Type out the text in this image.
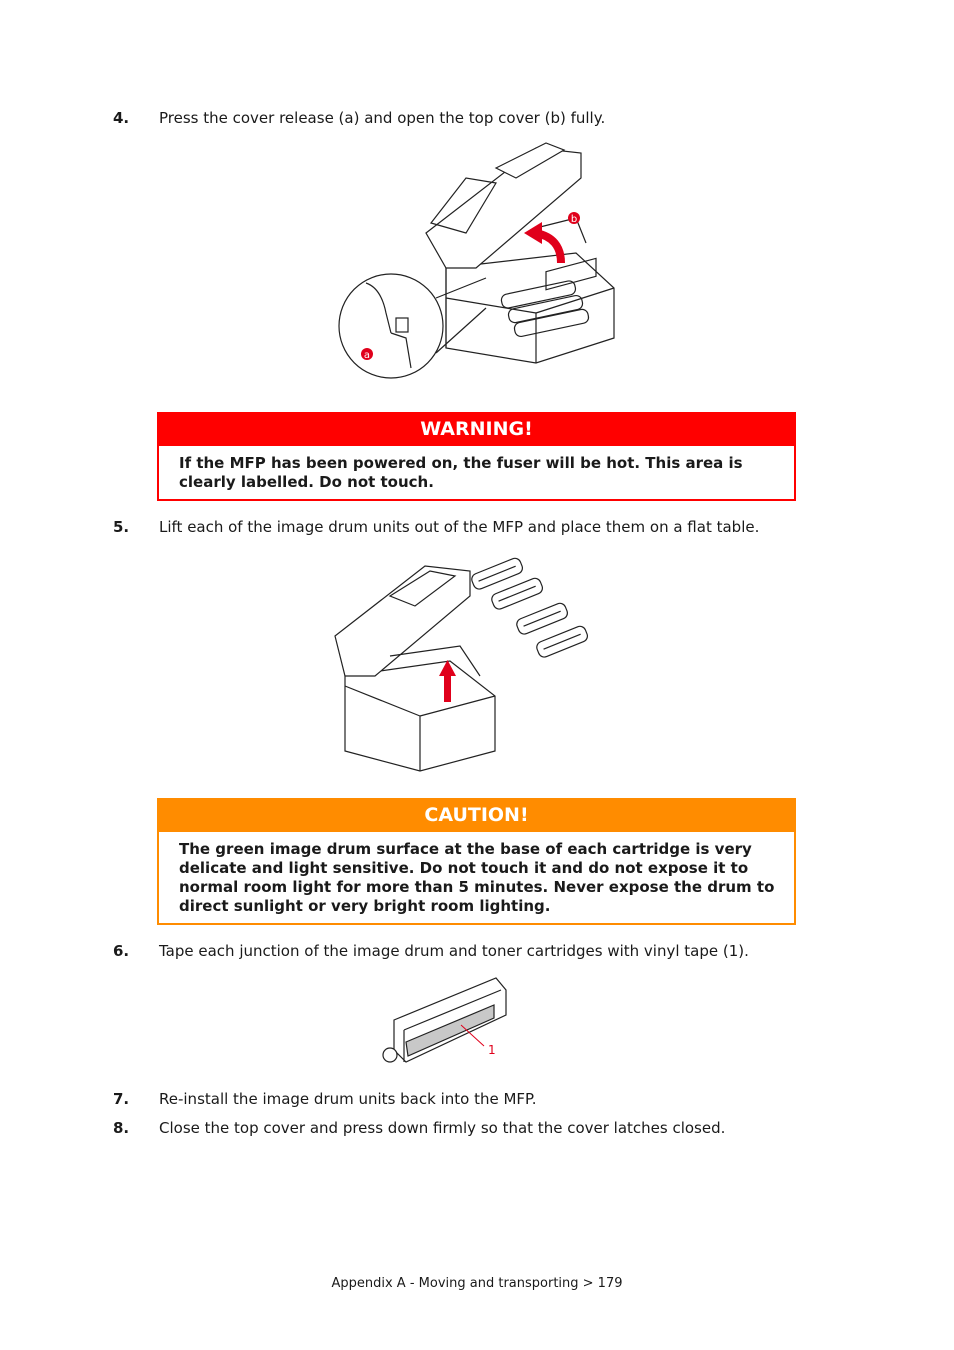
4. Press the cover release (a) and open the top cover (b) fully.
b
a
WARNING!
If the MFP has been powered on, the fuser will be hot. This area is clearly labelled. Do not touch.
5. Lift each of the image drum units out of the MFP and place them on a flat table.
CAUTION!
The green image drum surface at the base of each cartridge is very delicate and light sensitive. Do not touch it and do not expose it to normal room light for more than 5 minutes. Never expose the drum to direct sunlight or very bright room lighting.
6. Tape each junction of the image drum and toner cartridges with vinyl tape (1).
1
7. Re-install the image drum units back into the MFP.
8. Close the top cover and press down firmly so that the cover latches closed.
Appendix A - Moving and transporting > 179
